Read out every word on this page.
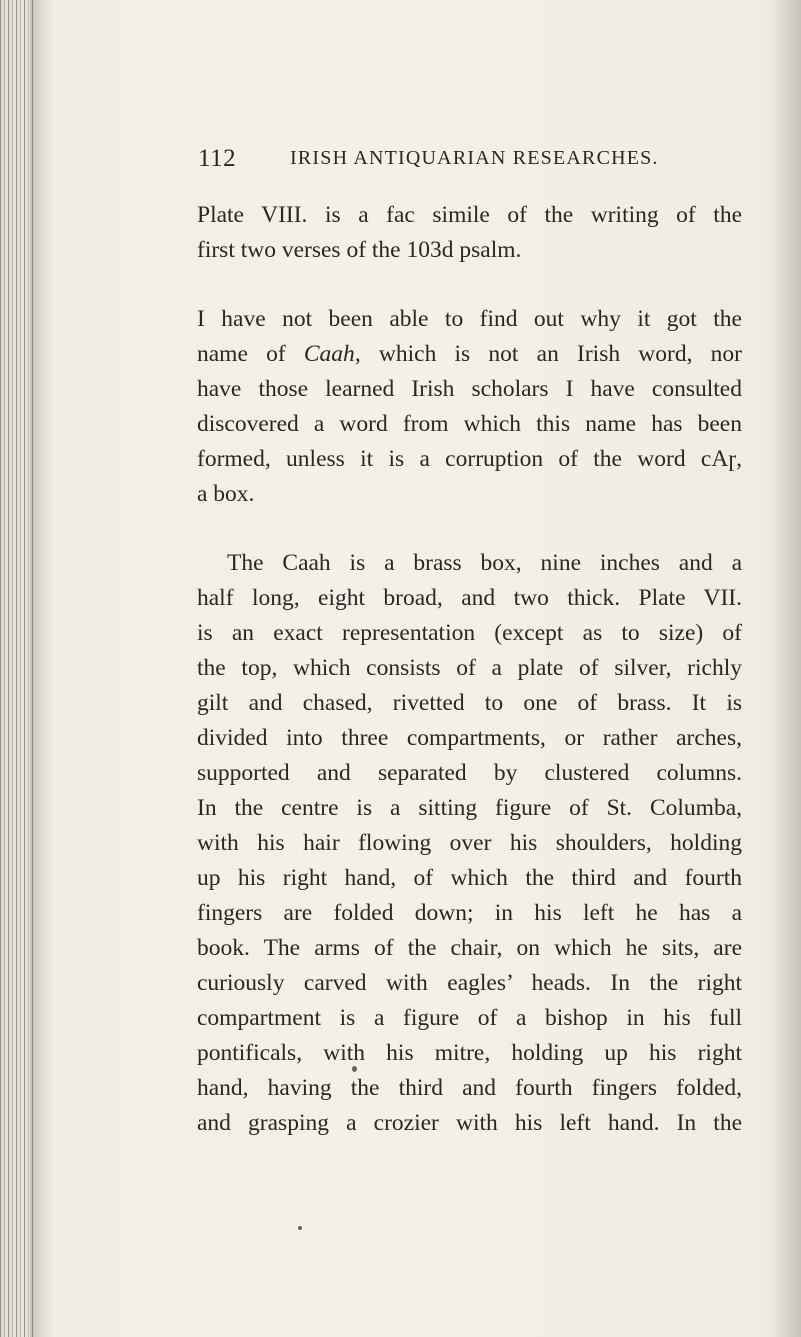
112	IRISH ANTIQUARIAN RESEARCHES.
Plate VIII. is a fac simile of the writing of the
first two verses of the 103d psalm.
I have not been able to find out why it got the
name of Caah, which is not an Irish word, nor
have those learned Irish scholars I have consulted
discovered a word from which this name has been
formed, unless it is a corruption of the word cAɼ,
a box.
The Caah is a brass box, nine inches and a
half long, eight broad, and two thick. Plate VII.
is an exact representation (except as to size) of
the top, which consists of a plate of silver, richly
gilt and chased, rivetted to one of brass. It is
divided into three compartments, or rather arches,
supported and separated by clustered columns.
In the centre is a sitting figure of St. Columba,
with his hair flowing over his shoulders, holding
up his right hand, of which the third and fourth
fingers are folded down; in his left he has a
book. The arms of the chair, on which he sits, are
curiously carved with eagles’ heads. In the right
compartment is a figure of a bishop in his full
pontificals, with his mitre, holding up his right
hand, having the third and fourth fingers folded,
and grasping a crozier with his left hand. In the
